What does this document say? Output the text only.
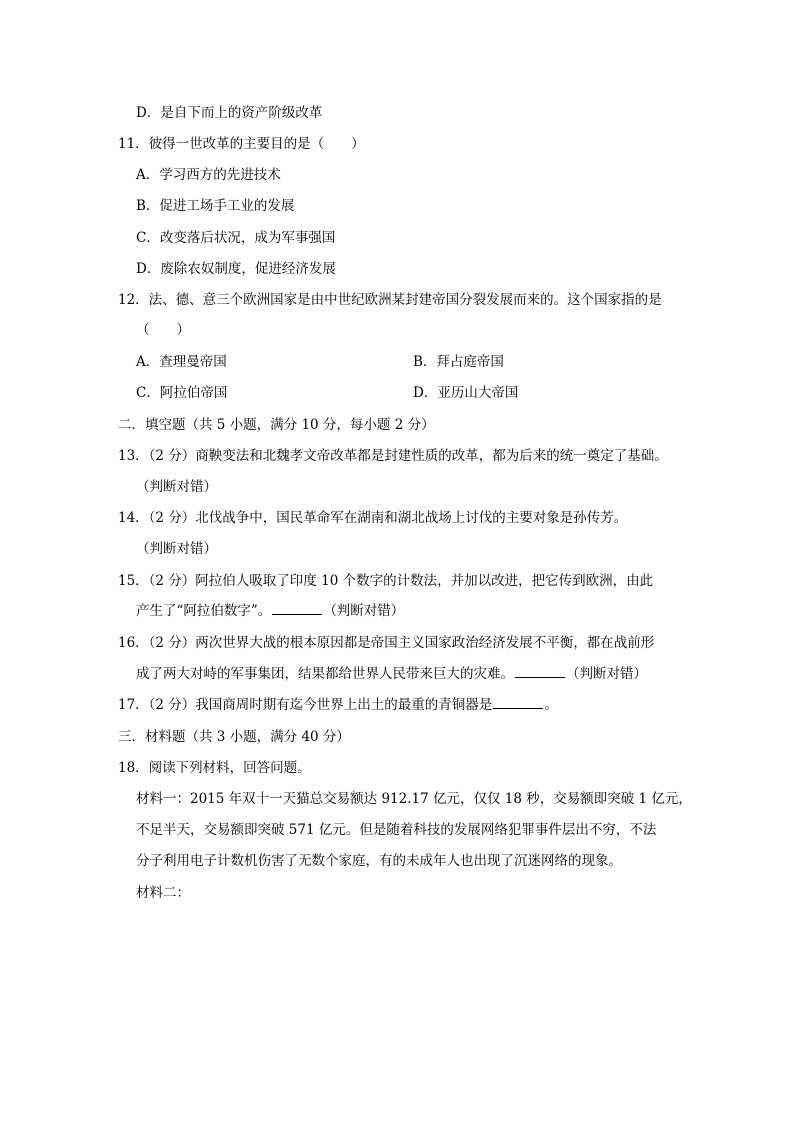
D．是自下而上的资产阶级改革
11．彼得一世改革的主要目的是（　　）
A．学习西方的先进技术
B．促进工场手工业的发展
C．改变落后状况，成为军事强国
D．废除农奴制度，促进经济发展
12．法、德、意三个欧洲国家是由中世纪欧洲某封建帝国分裂发展而来的。这个国家指的是
（　　）
A．查理曼帝国	B．拜占庭帝国
C．阿拉伯帝国	D．亚历山大帝国
二．填空题（共 5 小题，满分 10 分，每小题 2 分）
13．（2 分）商鞅变法和北魏孝文帝改革都是封建性质的改革，都为后来的统一奠定了基础。
（判断对错）
14．（2 分）北伐战争中，国民革命军在湖南和湖北战场上讨伐的主要对象是孙传芳。
（判断对错）
15．（2 分）阿拉伯人吸取了印度 10 个数字的计数法，并加以改进，把它传到欧洲，由此
产生了“阿拉伯数字”。	（判断对错）
16．（2 分）两次世界大战的根本原因都是帝国主义国家政治经济发展不平衡，都在战前形
成了两大对峙的军事集团，结果都给世界人民带来巨大的灾难。	（判断对错）
17．（2 分）我国商周时期有迄今世界上出土的最重的青铜器是	。
三．材料题（共 3 小题，满分 40 分）
18．阅读下列材料，回答问题。
材料一：2015 年双十一天猫总交易额达 912.17 亿元，仅仅 18 秒，交易额即突破 1 亿元，
不足半天，交易额即突破 571 亿元。但是随着科技的发展网络犯罪事件层出不穷，不法
分子利用电子计数机伤害了无数个家庭，有的未成年人也出现了沉迷网络的现象。
材料二：
